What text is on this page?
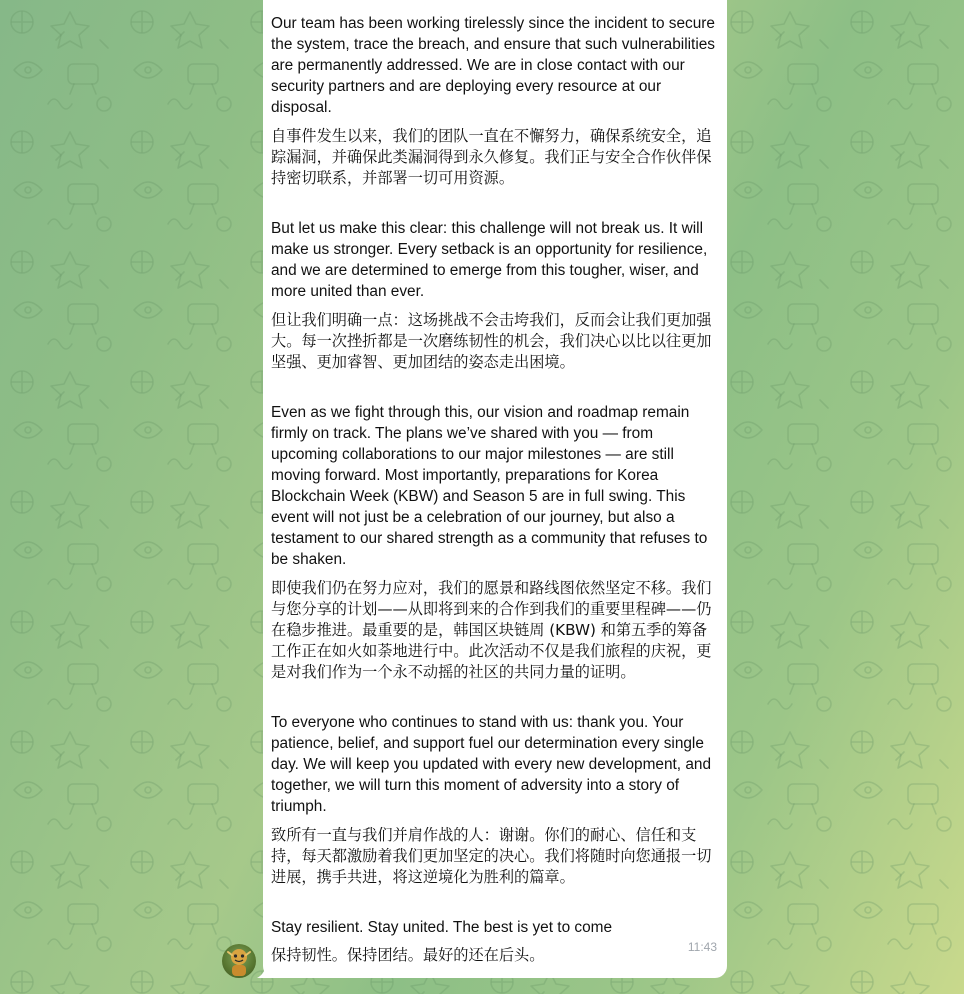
Our team has been working tirelessly since the incident to secure the system, trace the breach, and ensure that such vulnerabilities are permanently addressed. We are in close contact with our security partners and are deploying every resource at our disposal.

自事件发生以来，我们的团队一直在不懈努力，确保系统安全，追踪漏洞，并确保此类漏洞得到永久修复。我们正与安全合作伙伴保持密切联系，并部署一切可用资源。

But let us make this clear: this challenge will not break us. It will make us stronger. Every setback is an opportunity for resilience, and we are determined to emerge from this tougher, wiser, and more united than ever.

但让我们明确一点：这场挑战不会击垮我们，反而会让我们更加强大。每一次挫折都是一次磨练韧性的机会，我们决心以比以往更加坚强、更加睿智、更加团结的姿态走出困境。

Even as we fight through this, our vision and roadmap remain firmly on track. The plans we’ve shared with you — from upcoming collaborations to our major milestones — are still moving forward. Most importantly, preparations for Korea Blockchain Week (KBW) and Season 5 are in full swing. This event will not just be a celebration of our journey, but also a testament to our shared strength as a community that refuses to be shaken.

即使我们仍在努力应对，我们的愿景和路线图依然坚定不移。我们与您分享的计划——从即将到来的合作到我们的重要里程碑——仍在稳步推进。最重要的是，韩国区块链周 (KBW) 和第五季的筹备工作正在如火如荼地进行中。此次活动不仅是我们旅程的庆祝，更是对我们作为一个永不动摇的社区的共同力量的证明。

To everyone who continues to stand with us: thank you. Your patience, belief, and support fuel our determination every single day. We will keep you updated with every new development, and together, we will turn this moment of adversity into a story of triumph.

致所有一直与我们并肩作战的人：谢谢。你们的耐心、信任和支持，每天都激励着我们更加坚定的决心。我们将随时向您通报一切进展，携手共进，将这逆境化为胜利的篇章。

Stay resilient. Stay united. The best is yet to come

保持韧性。保持团结。最好的还在后头。	11:43
